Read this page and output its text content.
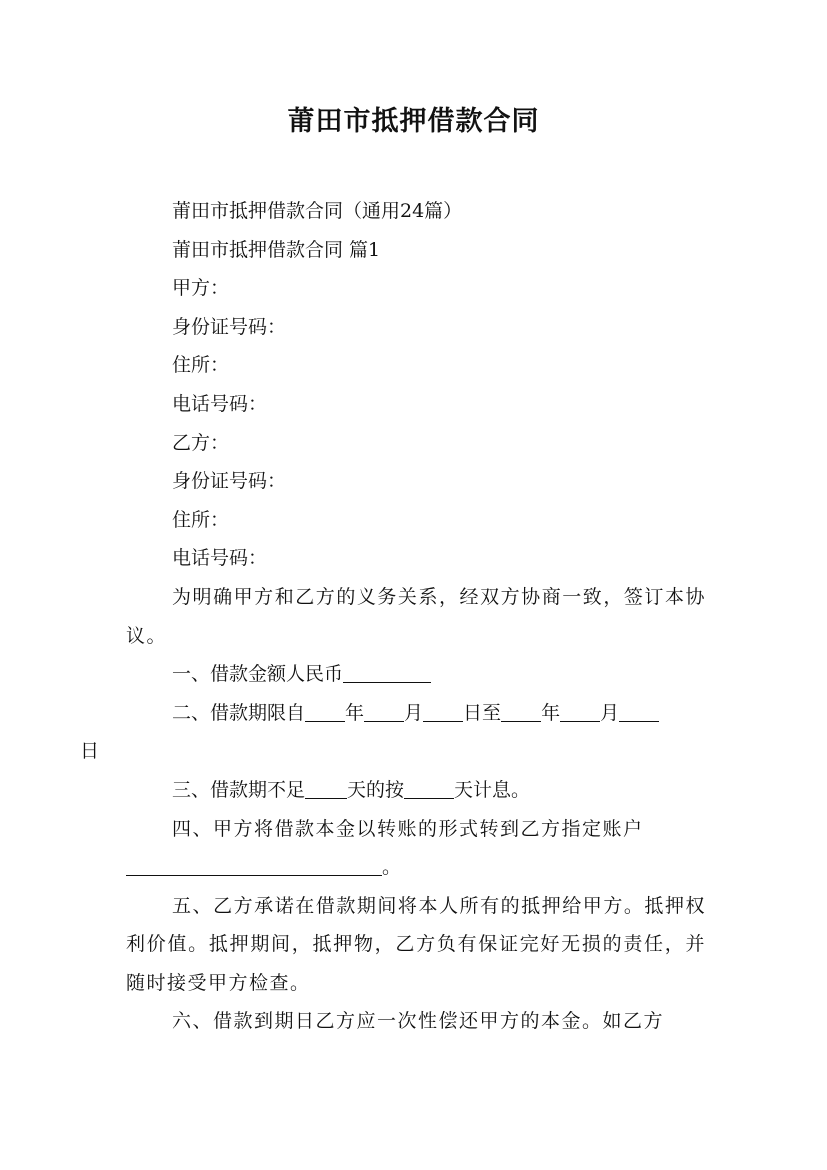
莆田市抵押借款合同
莆田市抵押借款合同（通用24篇）
莆田市抵押借款合同 篇1
甲方：
身份证号码：
住所：
电话号码：
乙方：
身份证号码：
住所：
电话号码：
为明确甲方和乙方的义务关系，经双方协商一致，签订本协议。
一、借款金额人民币
二、借款期限自 年 月 日至 年 月
日
三、借款期不足 天的按	天计息。
四、甲方将借款本金以转账的形式转到乙方指定账户
。
五、乙方承诺在借款期间将本人所有的抵押给甲方。抵押权利价值。抵押期间，抵押物，乙方负有保证完好无损的责任，并随时接受甲方检查。
六、借款到期日乙方应一次性偿还甲方的本金。如乙方
